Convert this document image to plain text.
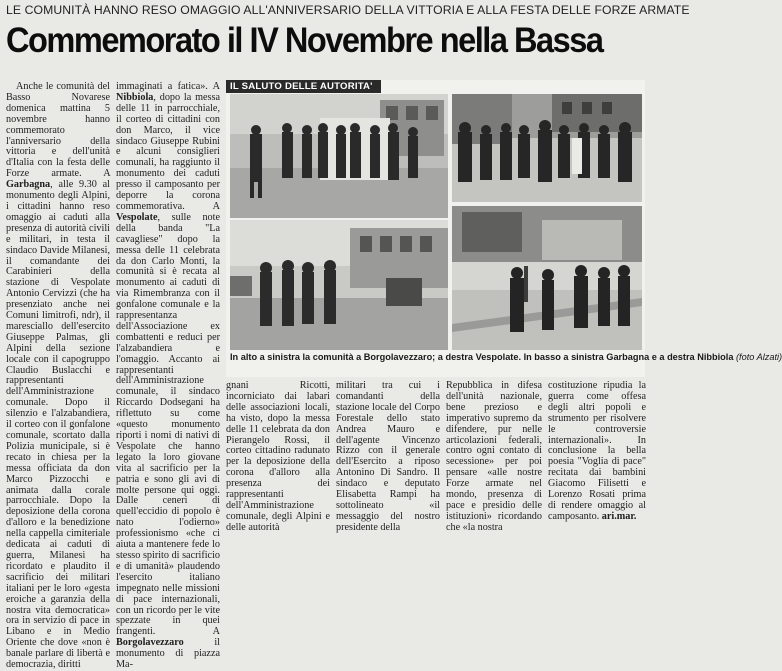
LE COMUNITÀ HANNO RESO OMAGGIO ALL'ANNIVERSARIO DELLA VITTORIA E ALLA FESTA DELLE FORZE ARMATE
Commemorato il IV Novembre nella Bassa

Anche le comunità del Basso Novarese domenica mattina 5 novembre hanno commemorato l'anniversario della vittoria e dell'unità d'Italia con la festa delle Forze armate. A Garbagna, alle 9.30 al monumento degli Alpini, i cittadini hanno reso omaggio ai caduti alla presenza di autorità civili e militari, in testa il sindaco Davide Milanesi, il comandante dei Carabinieri della stazione di Vespolate Antonio Cervizzi (che ha presenziato anche nei Comuni limitrofi, ndr), il maresciallo dell'esercito Giuseppe Palmas, gli Alpini della sezione locale con il capogruppo Claudio Buslacchi e rappresentanti dell'Amministrazione comunale. Dopo il silenzio e l'alzabandiera, il corteo con il gonfalone comunale, scortato dalla Polizia municipale, si è recato in chiesa per la messa officiata da don Marco Pizzocchi e animata dalla corale parrocchiale. Dopo la deposizione della corona d'alloro e la benedizione nella cappella cimiteriale dedicata ai caduti di guerra, Milanesi ha ricordato e plaudito il sacrificio dei militari italiani per le loro «gesta eroiche a garanzia della nostra vita democratica» ora in servizio di pace in Libano e in Medio Oriente che dove «non è banale parlare di libertà e democrazia, diritti

immaginati a fatica». A Nibbiola, dopo la messa delle 11 in parrocchiale, il corteo di cittadini con don Marco, il vice sindaco Giuseppe Rubini e alcuni consiglieri comunali, ha raggiunto il monumento dei caduti presso il camposanto per deporre la corona commemorativa. A Vespolate, sulle note della banda "La cavagliese" dopo la messa delle 11 celebrata da don Carlo Monti, la comunità si è recata al monumento ai caduti di via Rimembranza con il gonfalone comunale e la rappresentanza dell'Associazione ex combattenti e reduci per l'alzabandiera e l'omaggio. Accanto ai rappresentanti dell'Amministrazione comunale, il sindaco Riccardo Dodsegani ha riflettuto su come «questo monumento riporti i nomi di nativi di Vespolate che hanno legato la loro giovane vita al sacrificio per la patria e sono gli avi di molte persone qui oggi. Dalle ceneri di quell'eccidio di popolo è nato l'odierno» professionismo «che ci aiuta a mantenere fede lo stesso spirito di sacrificio e di umanità» plaudendo l'esercito italiano impegnato nelle missioni di pace internazionali, con un ricordo per le vite spezzate in quei frangenti. A Borgolavezzaro il monumento di piazza Ma-

IL SALUTO DELLE AUTORITA'
In alto a sinistra la comunità a Borgolavezzaro; a destra Vespolate. In basso a sinistra Garbagna e a destra Nibbiola (foto Alzati)

gnani Ricotti, incorniciato dai labari delle associazioni locali, ha visto, dopo la messa delle 11 celebrata da don Pierangelo Rossi, il corteo cittadino radunato per la deposizione della corona d'alloro alla presenza dei rappresentanti dell'Amministrazione comunale, degli Alpini e delle autorità

militari tra cui i comandanti della stazione locale del Corpo Forestale dello stato Andrea Mauro e dell'agente Vincenzo Rizzo con il generale dell'Esercito a riposo Antonino Di Sandro. Il sindaco e deputato Elisabetta Rampi ha sottolineato «il messaggio del nostro presidente della

Repubblica in difesa dell'unità nazionale, bene prezioso e imperativo supremo da difendere, pur nelle articolazioni federali, contro ogni contato di secessione» per poi pensare «alle nostre Forze armate nel mondo, presenza di pace e presidio delle istituzioni» ricordando che «la nostra

costituzione ripudia la guerra come offesa degli altri popoli e strumento per risolvere le controversie internazionali». In conclusione la bella poesia "Voglia di pace" recitata dai bambini Giacomo Filisetti e Lorenzo Rosati prima di rendere omaggio al camposanto. ari.mar.
